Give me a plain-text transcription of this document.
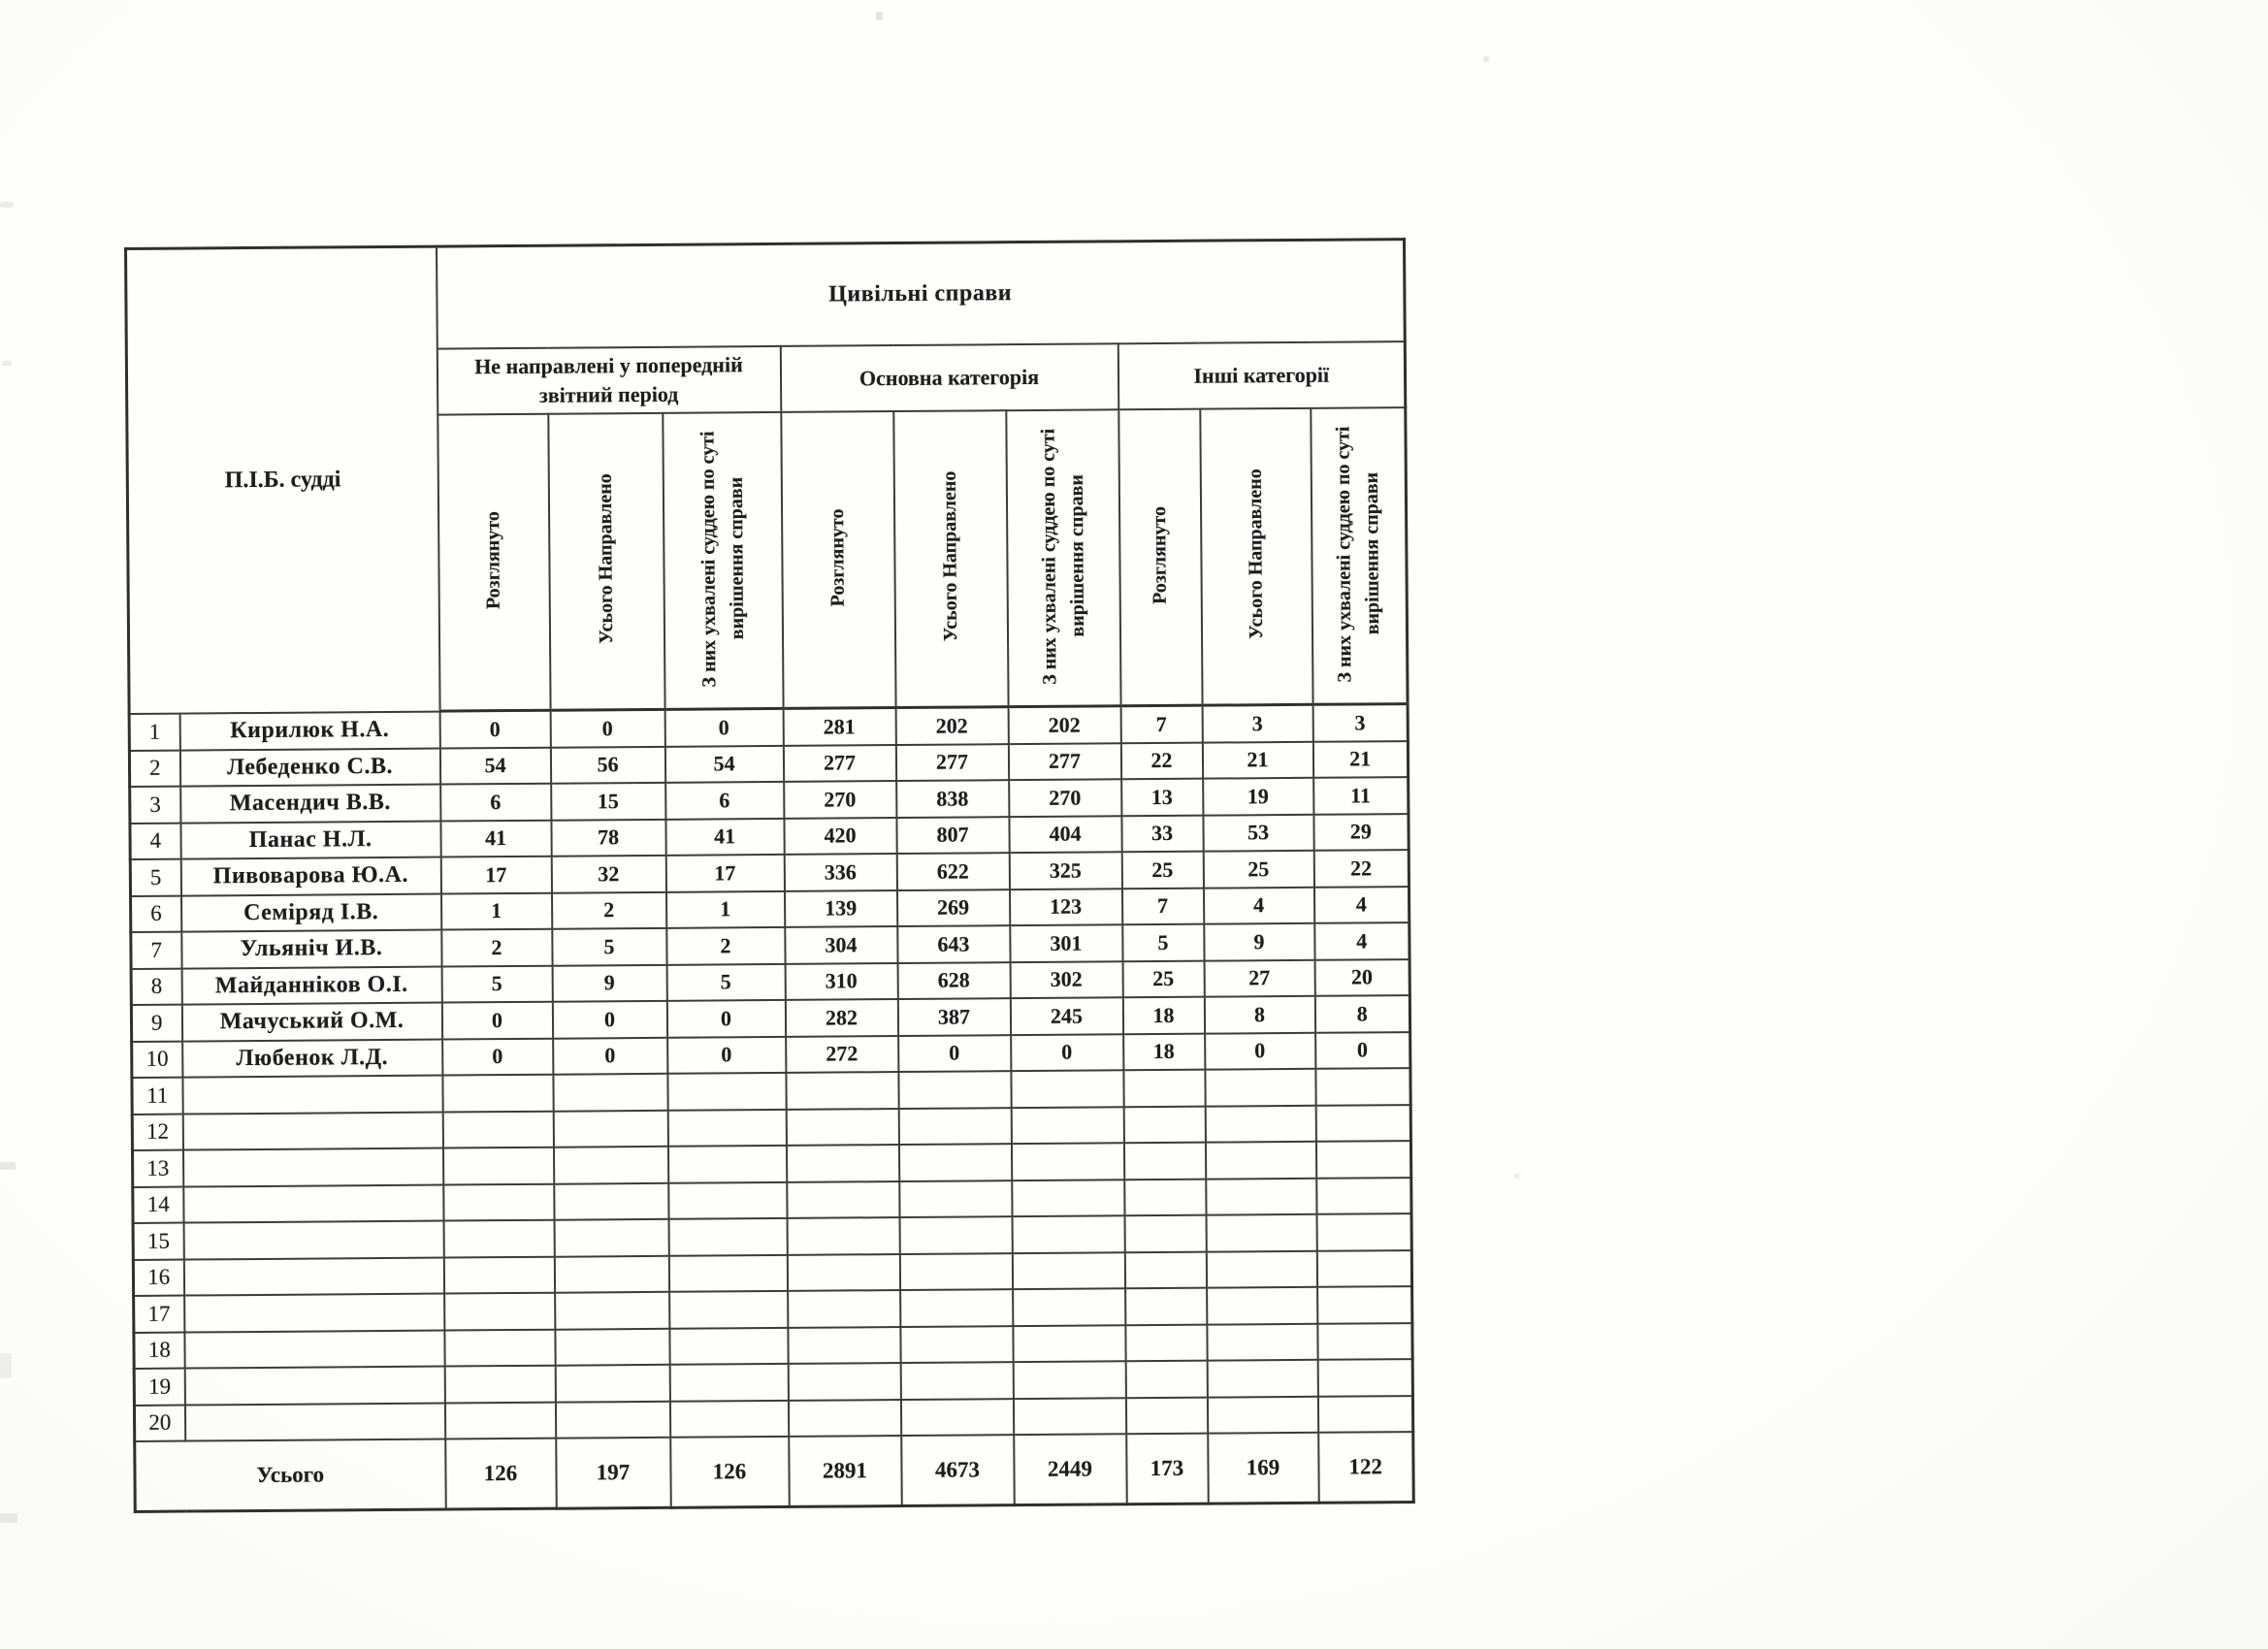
П.І.Б. судді		Цивільні справи								
		Не направлені у попередній звітний період			Основна категорія			Інші категорії		
		Розглянуто	Усього Направлено	З них ухвалені суддею по суті вирішення справи	Розглянуто	Усього Направлено	З них ухвалені суддею по суті вирішення справи	Розглянуто	Усього Направлено	З них ухвалені суддею по суті вирішення справи
1	Кирилюк Н.А.	0	0	0	281	202	202	7	3	3
2	Лебеденко С.В.	54	56	54	277	277	277	22	21	21
3	Масендич В.В.	6	15	6	270	838	270	13	19	11
4	Панас Н.Л.	41	78	41	420	807	404	33	53	29
5	Пивоварова Ю.А.	17	32	17	336	622	325	25	25	22
6	Семіряд І.В.	1	2	1	139	269	123	7	4	4
7	Ульяніч И.В.	2	5	2	304	643	301	5	9	4
8	Майданніков О.І.	5	9	5	310	628	302	25	27	20
9	Мачуський О.М.	0	0	0	282	387	245	18	8	8
10	Любенок Л.Д.	0	0	0	272	0	0	18	0	0
11										
12										
13										
14										
15										
16										
17										
18										
19										
20										
Усього		126	197	126	2891	4673	2449	173	169	122
